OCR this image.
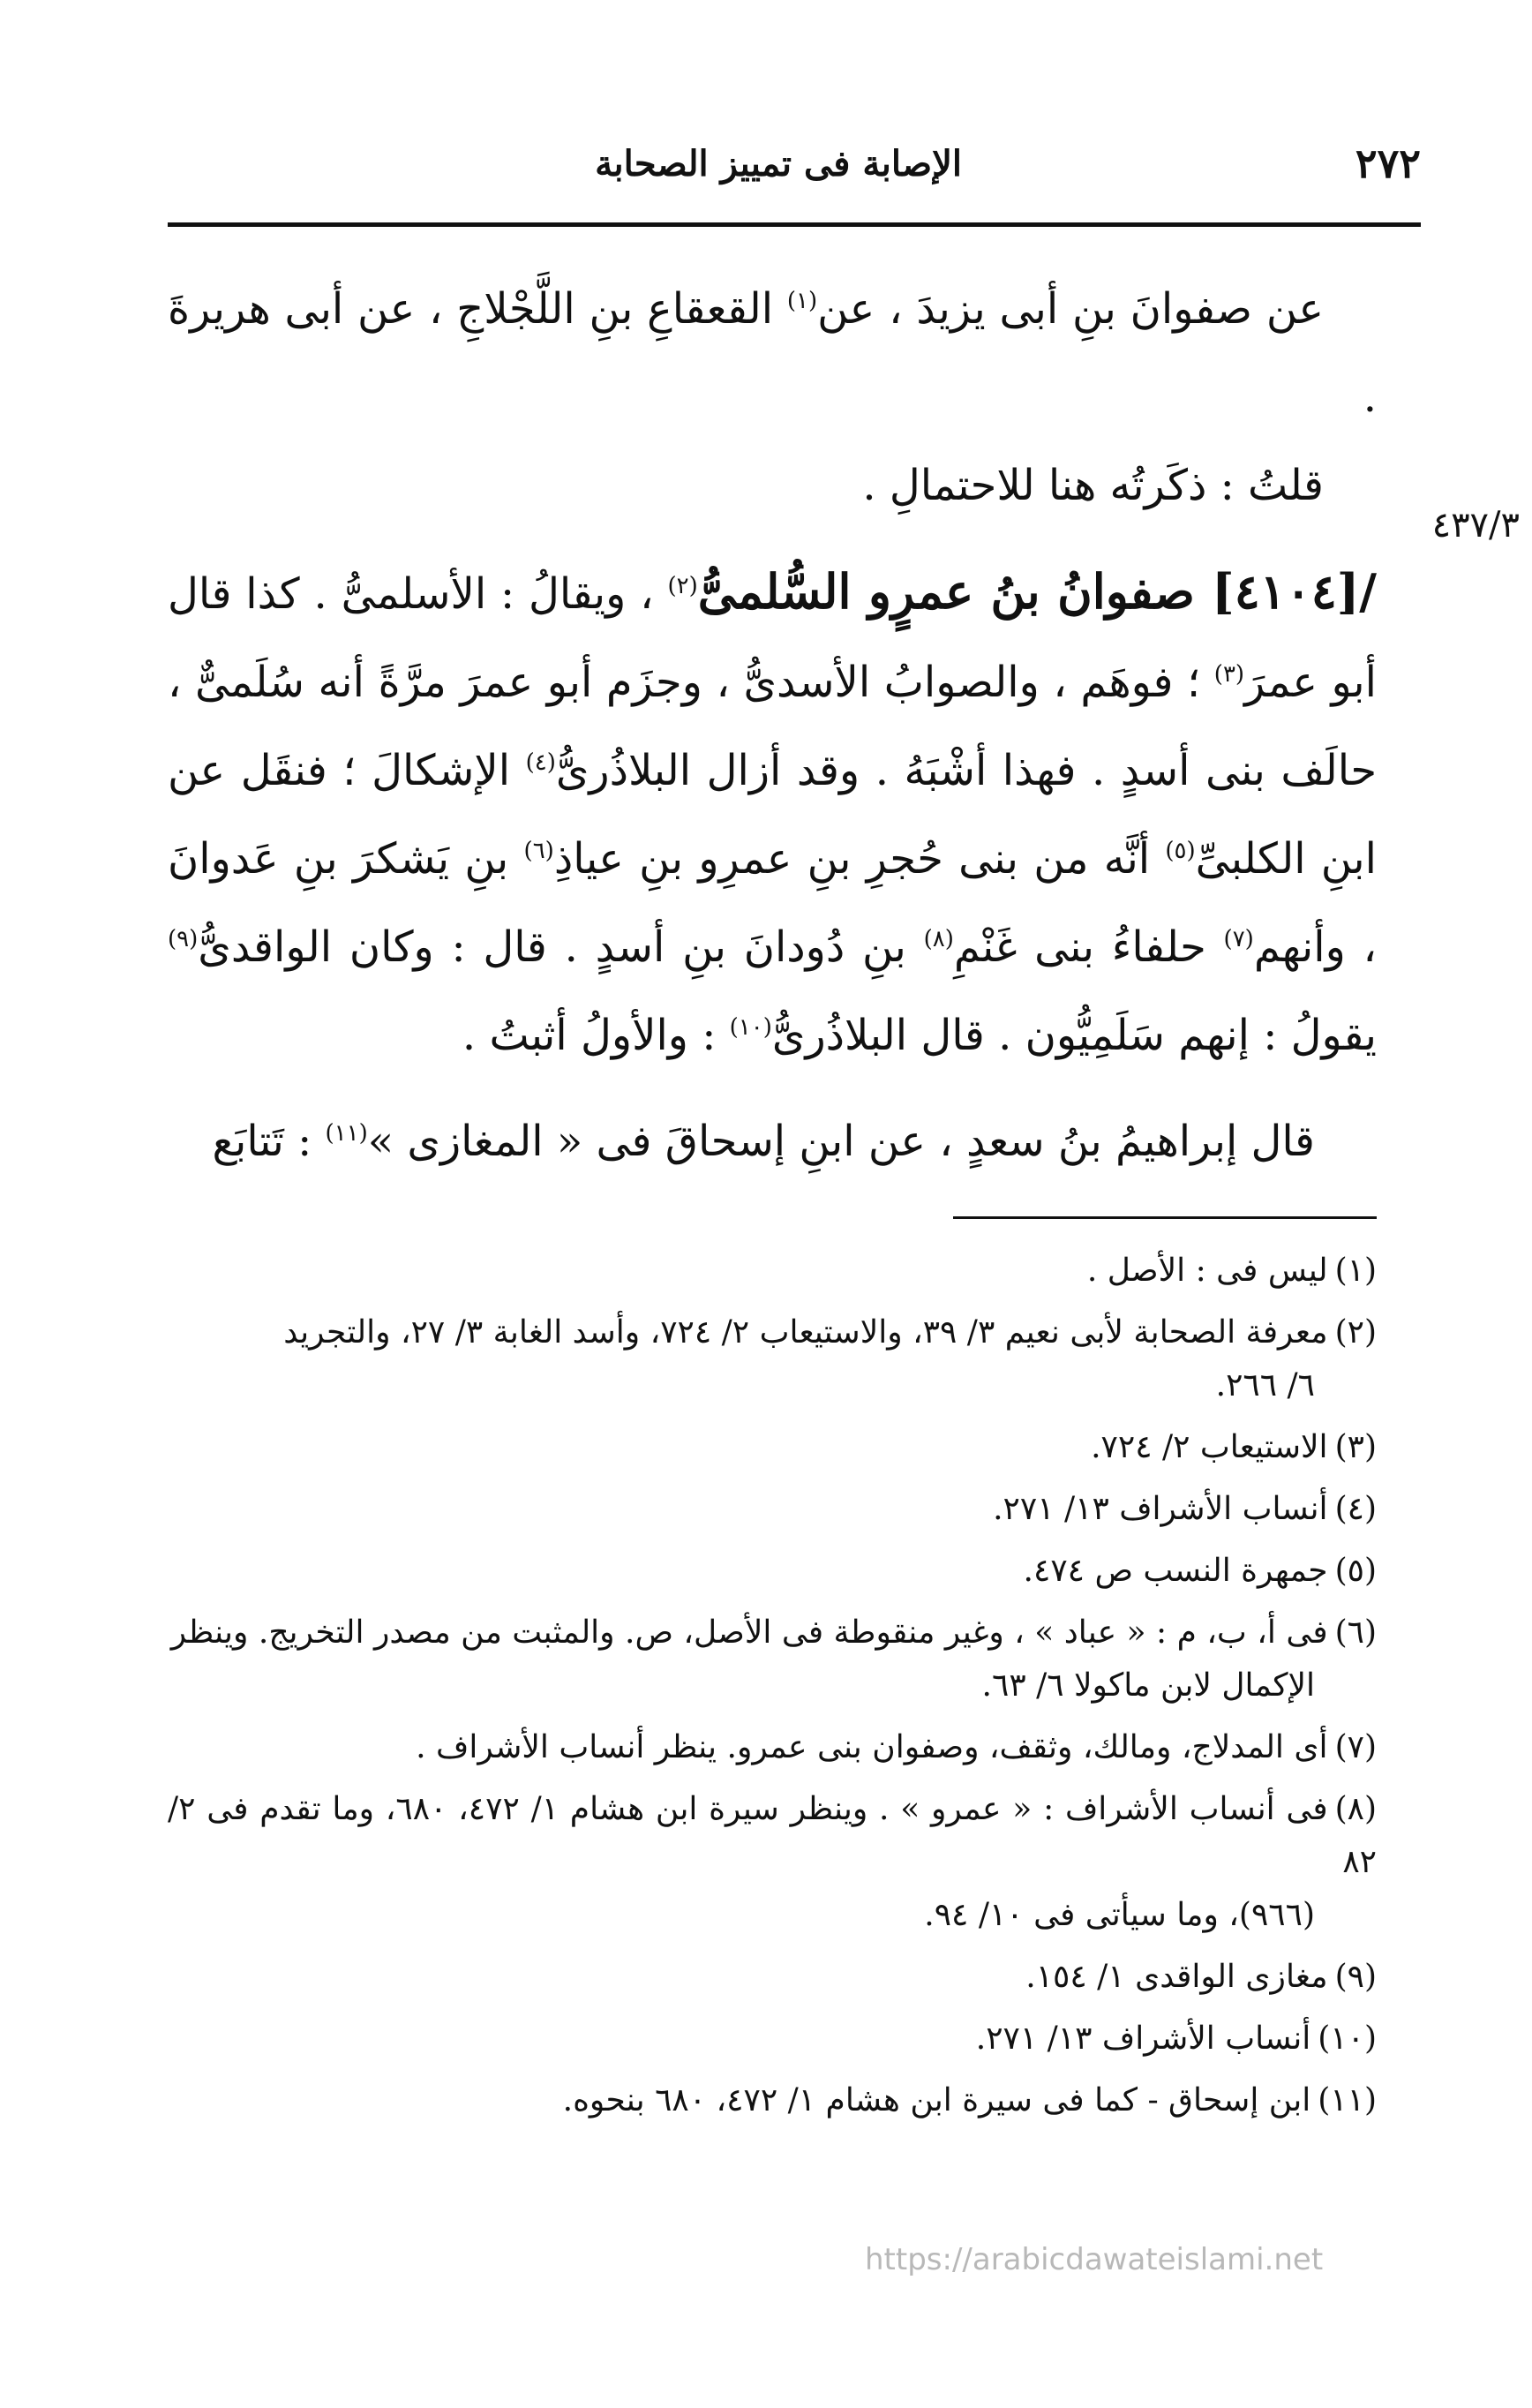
٢٧٢
الإصابة فى تمييز الصحابة
٤٣٧/٣

عن صفوانَ بنِ أبى يزيدَ ، عن$^{(١)}$ القعقاعِ بنِ اللَّجْلاجِ ، عن أبى هريرةَ .

قلتُ : ذكَرتُه هنا للاحتمالِ .

/[٤١٠٤] صفوانُ بنُ عمرٍو السُّلمىُّ$^{(٢)}$ ، ويقالُ : الأسلمىُّ . كذا قال أبو عمرَ$^{(٣)}$ ؛ فوهَم ، والصوابُ الأسدىُّ ، وجزَم أبو عمرَ مرَّةً أنه سُلَمىٌّ ، حالَف بنى أسدٍ . فهذا أشْبَهُ . وقد أزال البلاذُرىُّ$^{(٤)}$ الإشكالَ ؛ فنقَل عن ابنِ الكلبىِّ$^{(٥)}$ أنَّه من بنى حُجرِ بنِ عمرِو بنِ عياذِ$^{(٦)}$ بنِ يَشكرَ بنِ عَدوانَ ، وأنهم$^{(٧)}$ حلفاءُ بنى غَنْمِ$^{(٨)}$ بنِ دُودانَ بنِ أسدٍ . قال : وكان الواقدىُّ$^{(٩)}$ يقولُ : إنهم سَلَمِيُّون . قال البلاذُرىُّ$^{(١٠)}$ : والأولُ أثبتُ .

قال إبراهيمُ بنُ سعدٍ ، عن ابنِ إسحاقَ فى « المغازى »$^{(١١)}$ : تَتابَع

(١)ليس فى : الأصل .
(٢)معرفة الصحابة لأبى نعيم ٣/ ٣٩، والاستيعاب ٢/ ٧٢٤، وأسد الغابة ٣/ ٢٧، والتجريد
٦/ ٢٦٦.
(٣)الاستيعاب ٢/ ٧٢٤.
(٤)أنساب الأشراف ١٣/ ٢٧١.
(٥)جمهرة النسب ص ٤٧٤.
(٦)فى أ، ب، م : « عباد » ، وغير منقوطة فى الأصل، ص. والمثبت من مصدر التخريج. وينظر
الإكمال لابن ماكولا ٦/ ٦٣.
(٧)أى المدلاج، ومالك، وثقف، وصفوان بنى عمرو. ينظر أنساب الأشراف .
(٨)فى أنساب الأشراف : « عمرو » . وينظر سيرة ابن هشام ١/ ٤٧٢، ٦٨٠، وما تقدم فى ٢/ ٨٢
(٩٦٦)، وما سيأتى فى ١٠/ ٩٤.
(٩)مغازى الواقدى ١/ ١٥٤.
(١٠)أنساب الأشراف ١٣/ ٢٧١.
(١١)ابن إسحاق - كما فى سيرة ابن هشام ١/ ٤٧٢، ٦٨٠ بنحوه.
https://arabicdawateislami.net
